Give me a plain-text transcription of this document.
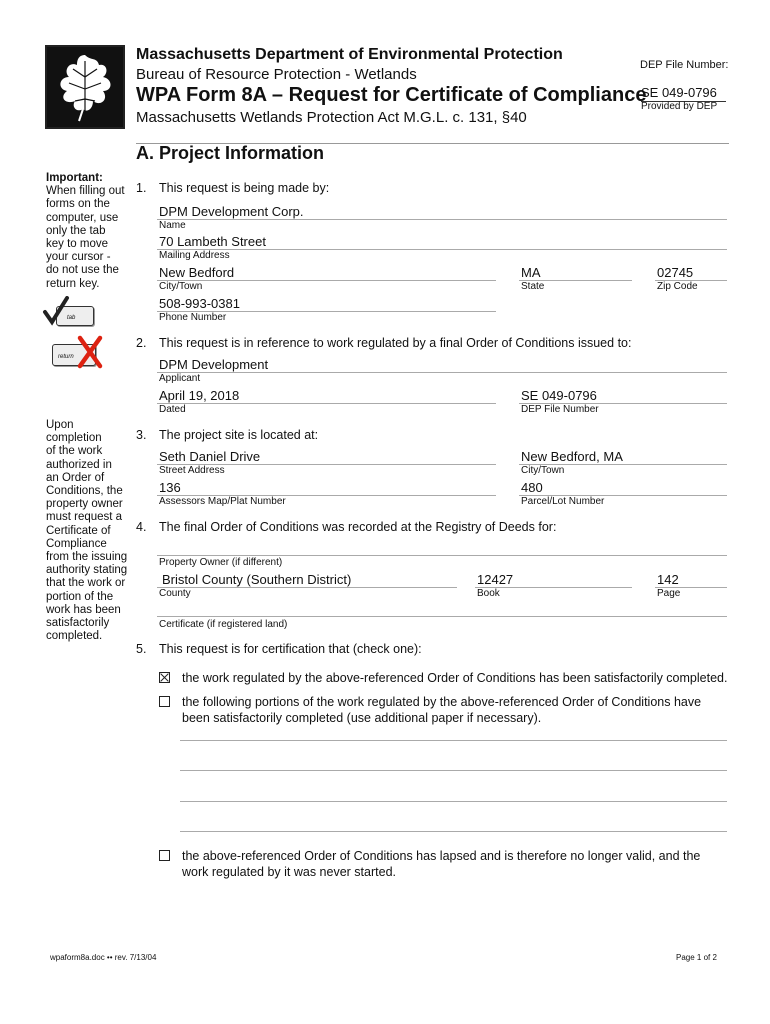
Massachusetts Department of Environmental Protection
Bureau of Resource Protection - Wetlands
WPA Form 8A – Request for Certificate of Compliance
Massachusetts Wetlands Protection Act M.G.L. c. 131, §40
DEP File Number:
SE 049-0796
Provided by DEP
A. Project Information
Important:
When filling out
forms on the
computer, use
only the tab
key to move
your cursor -
do not use the
return key.
tab
return
Upon completion
of the work
authorized in
an Order of
Conditions, the
property owner
must request a
Certificate of
Compliance
from the issuing
authority stating
that the work or
portion of the
work has been
satisfactorily
completed.
1. This request is being made by:
DPM Development Corp.
Name
70 Lambeth Street
Mailing Address
New Bedford
City/Town
MA
State
02745
Zip Code
508-993-0381
Phone Number
2. This request is in reference to work regulated by a final Order of Conditions issued to:
DPM Development
Applicant
April 19, 2018
Dated
SE 049-0796
DEP File Number
3. The project site is located at:
Seth Daniel Drive
Street Address
New Bedford, MA
City/Town
136
Assessors Map/Plat Number
480
Parcel/Lot Number
4. The final Order of Conditions was recorded at the Registry of Deeds for:
Property Owner (if different)
Bristol County (Southern District)
County
12427
Book
142
Page
Certificate (if registered land)
5. This request is for certification that (check one):
the work regulated by the above-referenced Order of Conditions has been satisfactorily completed.
the following portions of the work regulated by the above-referenced Order of Conditions have
been satisfactorily completed (use additional paper if necessary).
the above-referenced Order of Conditions has lapsed and is therefore no longer valid, and the
work regulated by it was never started.
wpaform8a.doc •• rev. 7/13/04	Page 1 of 2
